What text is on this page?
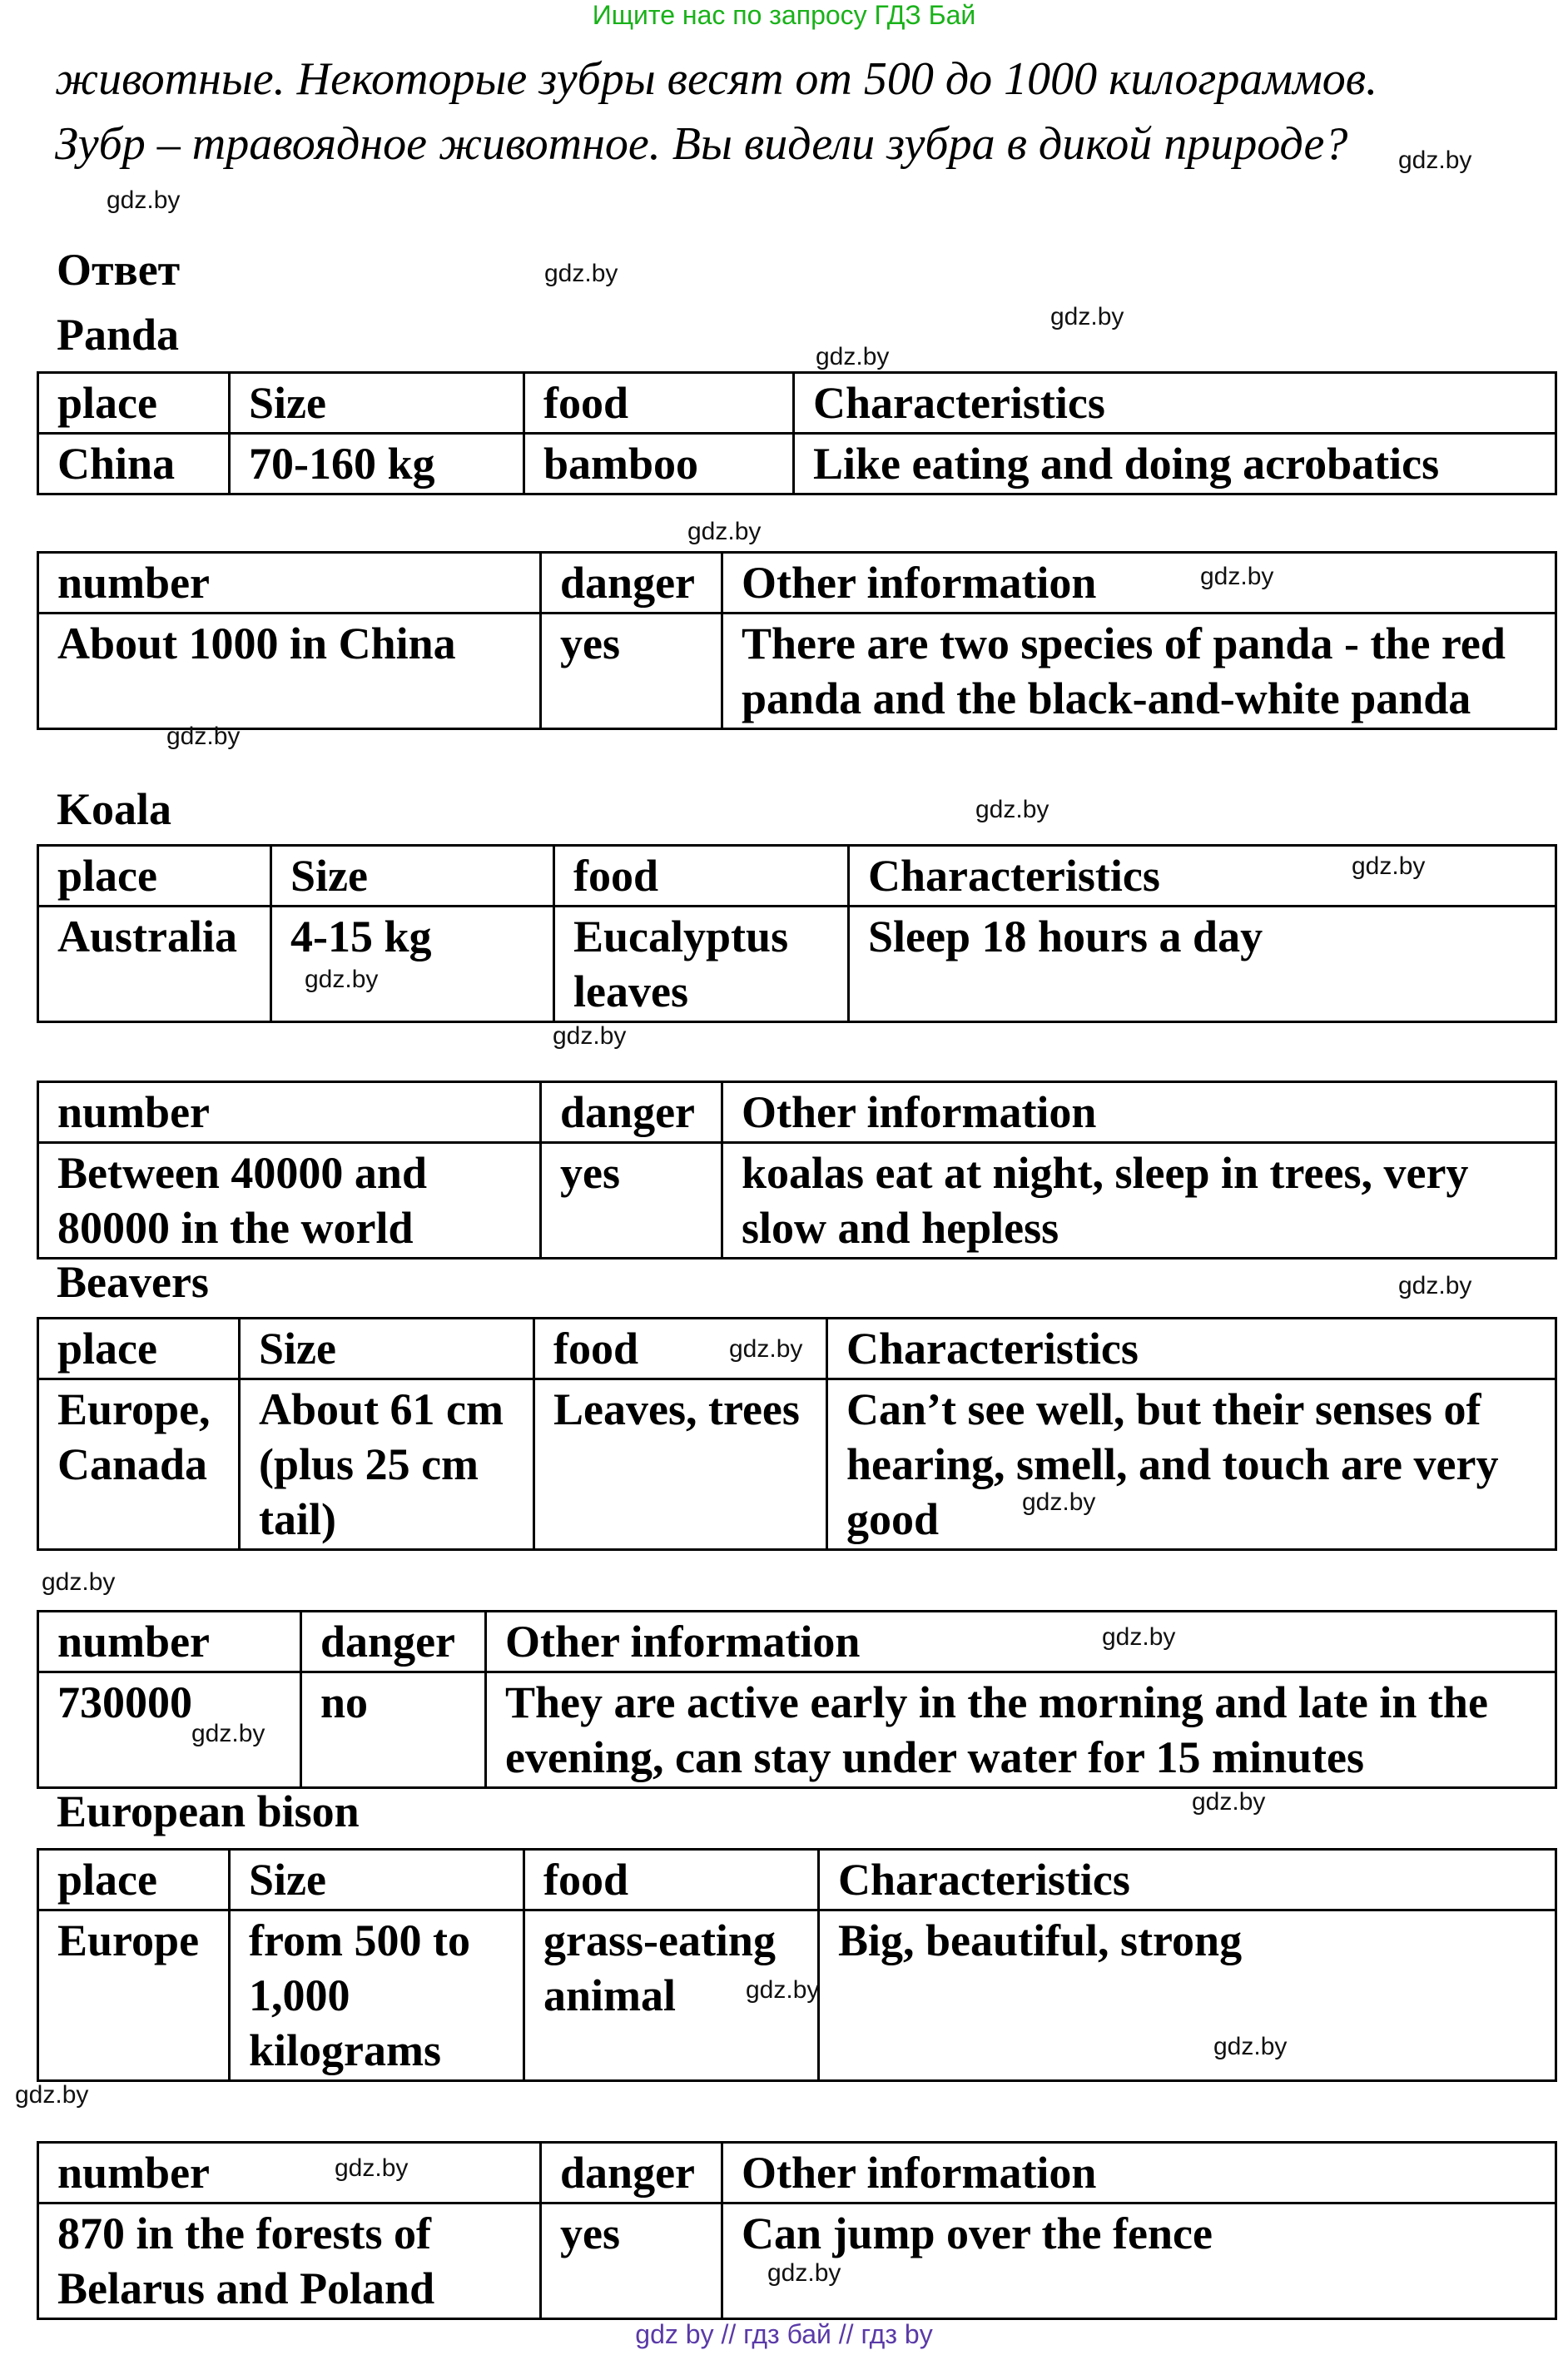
Ищите нас по запросу ГДЗ Бай
животные. Некоторые зубры весят от 500 до 1000 килограммов.
Зубр – травоядное животное. Вы видели зубра в дикой природе?
Ответ
Panda
place	Size	food	Characteristics
China	70-160 kg	bamboo	Like eating and doing acrobatics
number	danger	Other information
About 1000 in China	yes	There are two species of panda - the red panda and the black-and-white panda
Koala
place	Size	food	Characteristics
Australia	4-15 kg	Eucalyptus leaves	Sleep 18 hours a day
number	danger	Other information
Between 40000 and 80000 in the world	yes	koalas eat at night, sleep in trees, very slow and hepless
Beavers
place	Size	food	Characteristics
Europe, Canada	About 61 cm (plus 25 cm tail)	Leaves, trees	Can’t see well, but their senses of hearing, smell, and touch are very good
number	danger	Other information
730000	no	They are active early in the morning and late in the evening, can stay under water for 15 minutes
European bison
place	Size	food	Characteristics
Europe	from 500 to 1,000 kilograms	grass-eating animal	Big, beautiful, strong
number	danger	Other information
870 in the forests of Belarus and Poland	yes	Can jump over the fence
gdz.by
gdz.by
gdz.by
gdz.by
gdz.by
gdz.by
gdz.by
gdz.by
gdz.by
gdz.by
gdz.by
gdz.by
gdz.by
gdz.by
gdz.by
gdz.by
gdz.by
gdz.by
gdz.by
gdz.by
gdz.by
gdz.by
gdz.by
gdz.by
gdz by // гдз бай // гдз by
